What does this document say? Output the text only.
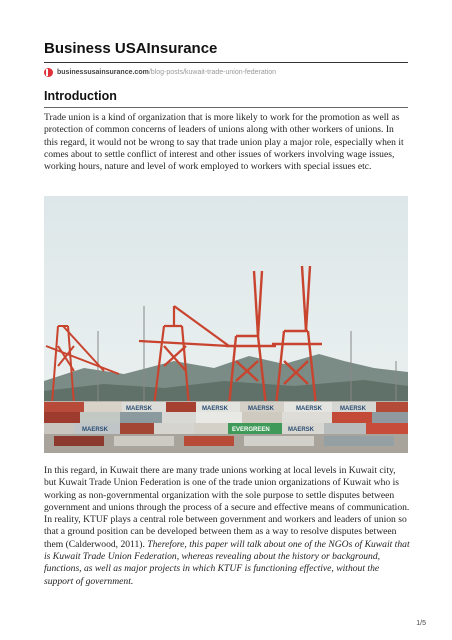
Business USAInsurance
businessusainsurance.com /blog-posts/kuwait-trade-union-federation
Introduction

Trade union is a kind of organization that is more likely to work for the promotion as well as protection of common concerns of leaders of unions along with other workers of unions. In this regard, it would not be wrong to say that trade union play a major role, especially when it comes about to settle conflict of interest and other issues of workers involving wage issues, working hours, nature and level of work employed to workers with special issues etc.

MAERSK	MAERSK	MAERSK	MAERSK	MAERSK
MAERSK	MAERSK
EVERGREEN

In this regard, in Kuwait there are many trade unions working at local levels in Kuwait city, but Kuwait Trade Union Federation is one of the trade union organizations of Kuwait who is working as non-governmental organization with the sole purpose to settle disputes between government and unions through the process of a secure and effective means of communication. In reality, KTUF plays a central role between government and workers and leaders of union so that a ground position can be developed between them as a way to resolve disputes between them (Calderwood, 2011). Therefore, this paper will talk about one of the NGOs of Kuwait that is Kuwait Trade Union Federation, whereas revealing about the history or background, functions, as well as major projects in which KTUF is functioning effective, without the support of government.

1/5
